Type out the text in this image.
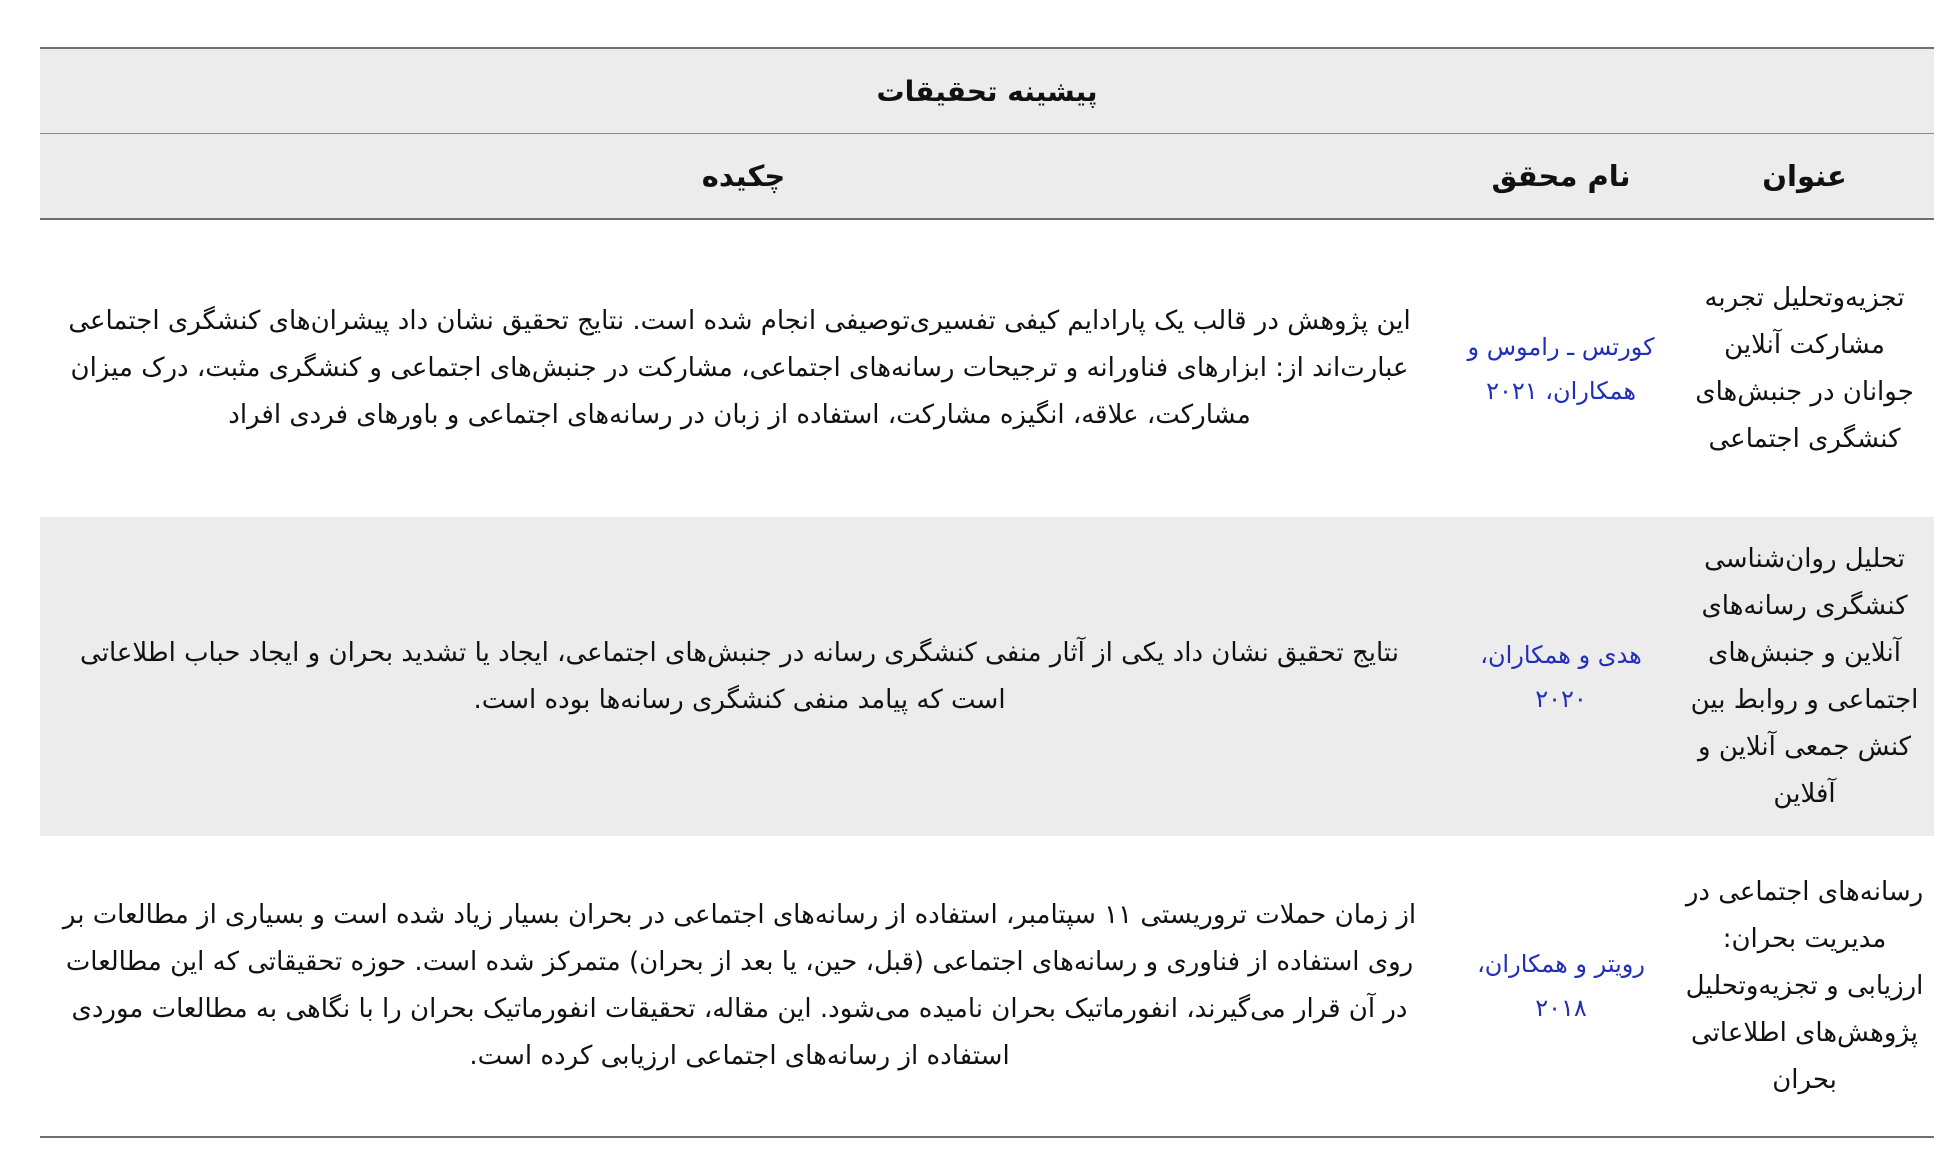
پیشینه تحقیقات		
عنوان	نام محقق	چکیده
تجزیه‌وتحلیل تجربه مشارکت آنلاین جوانان در جنبش‌های کنشگری اجتماعی	کورتس ـ راموس و همکاران، ۲۰۲۱	این پژوهش در قالب یک پارادایم کیفی تفسیری‌توصیفی انجام شده است. نتایج تحقیق نشان داد پیشران‌های کنشگری اجتماعی عبارت‌اند از: ابزارهای فناورانه و ترجیحات رسانه‌های اجتماعی، مشارکت در جنبش‌های اجتماعی و کنشگری مثبت، درک میزان مشارکت، علاقه، انگیزه مشارکت، استفاده از زبان در رسانه‌های اجتماعی و باورهای فردی افراد
تحلیل روان‌شناسی کنشگری رسانه‌های آنلاین و جنبش‌های اجتماعی و روابط بین کنش جمعی آنلاین و آفلاین	هدی و همکاران، ۲۰۲۰	نتایج تحقیق نشان داد یکی از آثار منفی کنشگری رسانه در جنبش‌های اجتماعی، ایجاد یا تشدید بحران و ایجاد حباب اطلاعاتی است که پیامد منفی کنشگری رسانه‌ها بوده است.
رسانه‌های اجتماعی در مدیریت بحران: ارزیابی و تجزیه‌وتحلیل پژوهش‌های اطلاعاتی بحران	رویتر و همکاران، ۲۰۱۸	از زمان حملات تروریستی ۱۱ سپتامبر، استفاده از رسانه‌های اجتماعی در بحران بسیار زیاد شده است و بسیاری از مطالعات بر روی استفاده از فناوری و رسانه‌های اجتماعی (قبل، حین، یا بعد از بحران) متمرکز شده است. حوزه تحقیقاتی که این مطالعات در آن قرار می‌گیرند، انفورماتیک بحران نامیده می‌شود. این مقاله، تحقیقات انفورماتیک بحران را با نگاهی به مطالعات موردی استفاده از رسانه‌های اجتماعی ارزیابی کرده است.
